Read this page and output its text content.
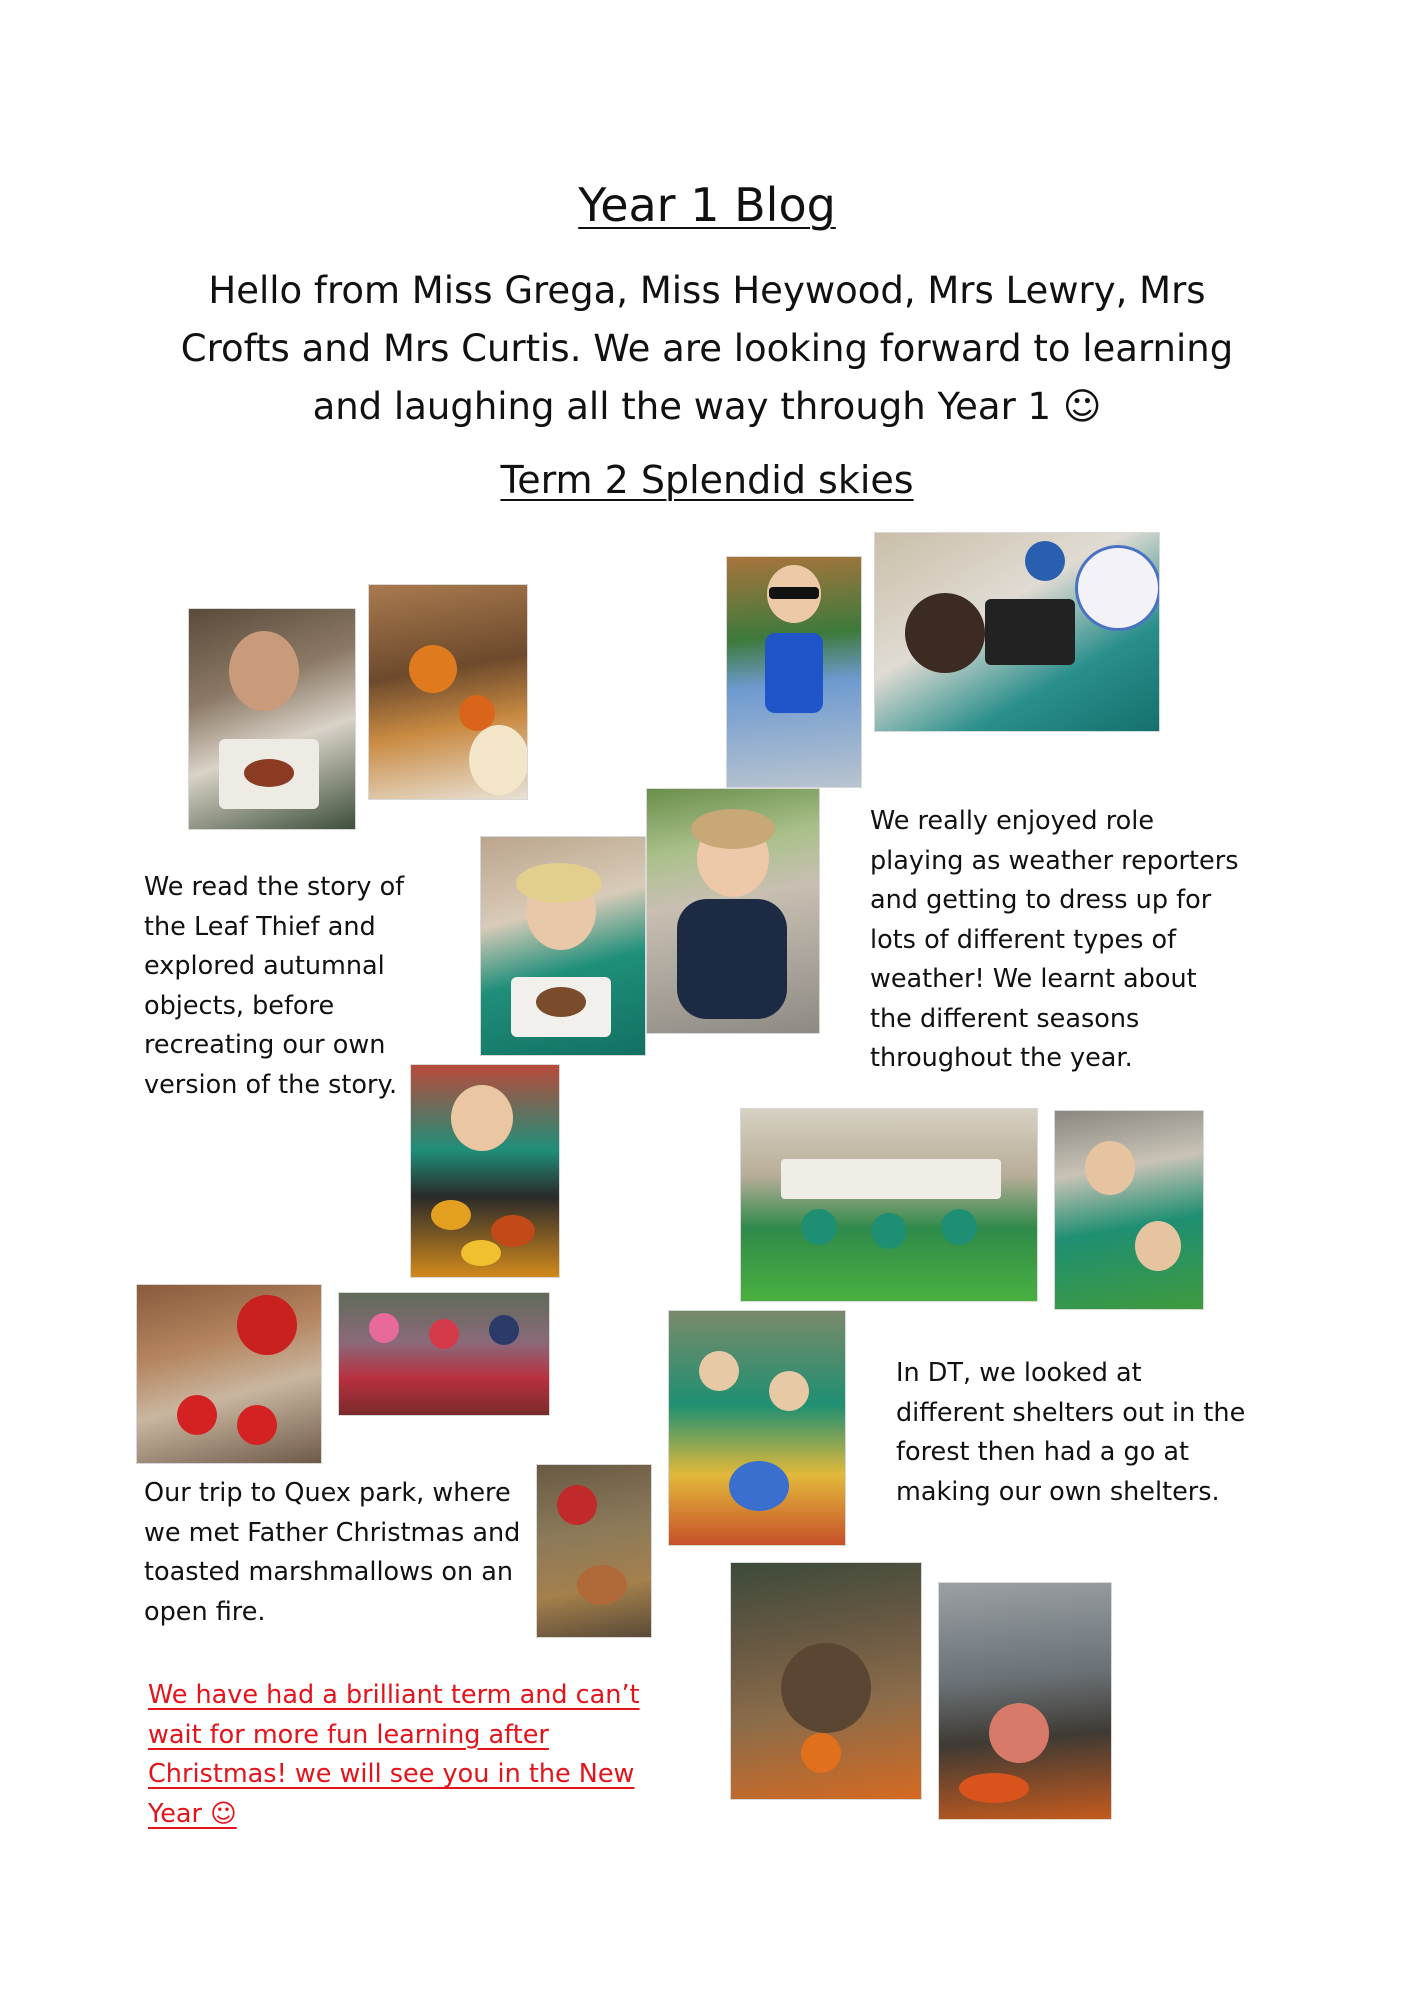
Year 1 Blog
Hello from Miss Grega, Miss Heywood, Mrs Lewry, Mrs
Crofts and Mrs Curtis. We are looking forward to learning
and laughing all the way through Year 1 ☺
Term 2 Splendid skies
We read the story of
the Leaf Thief and
explored autumnal
objects, before
recreating our own
version of the story.
We really enjoyed role
playing as weather reporters
and getting to dress up for
lots of different types of
weather! We learnt about
the different seasons
throughout the year.
Our trip to Quex park, where
we met Father Christmas and
toasted marshmallows on an
open fire.
In DT, we looked at
different shelters out in the
forest then had a go at
making our own shelters.
We have had a brilliant term and can’t
wait for more fun learning after
Christmas! we will see you in the New
Year ☺
